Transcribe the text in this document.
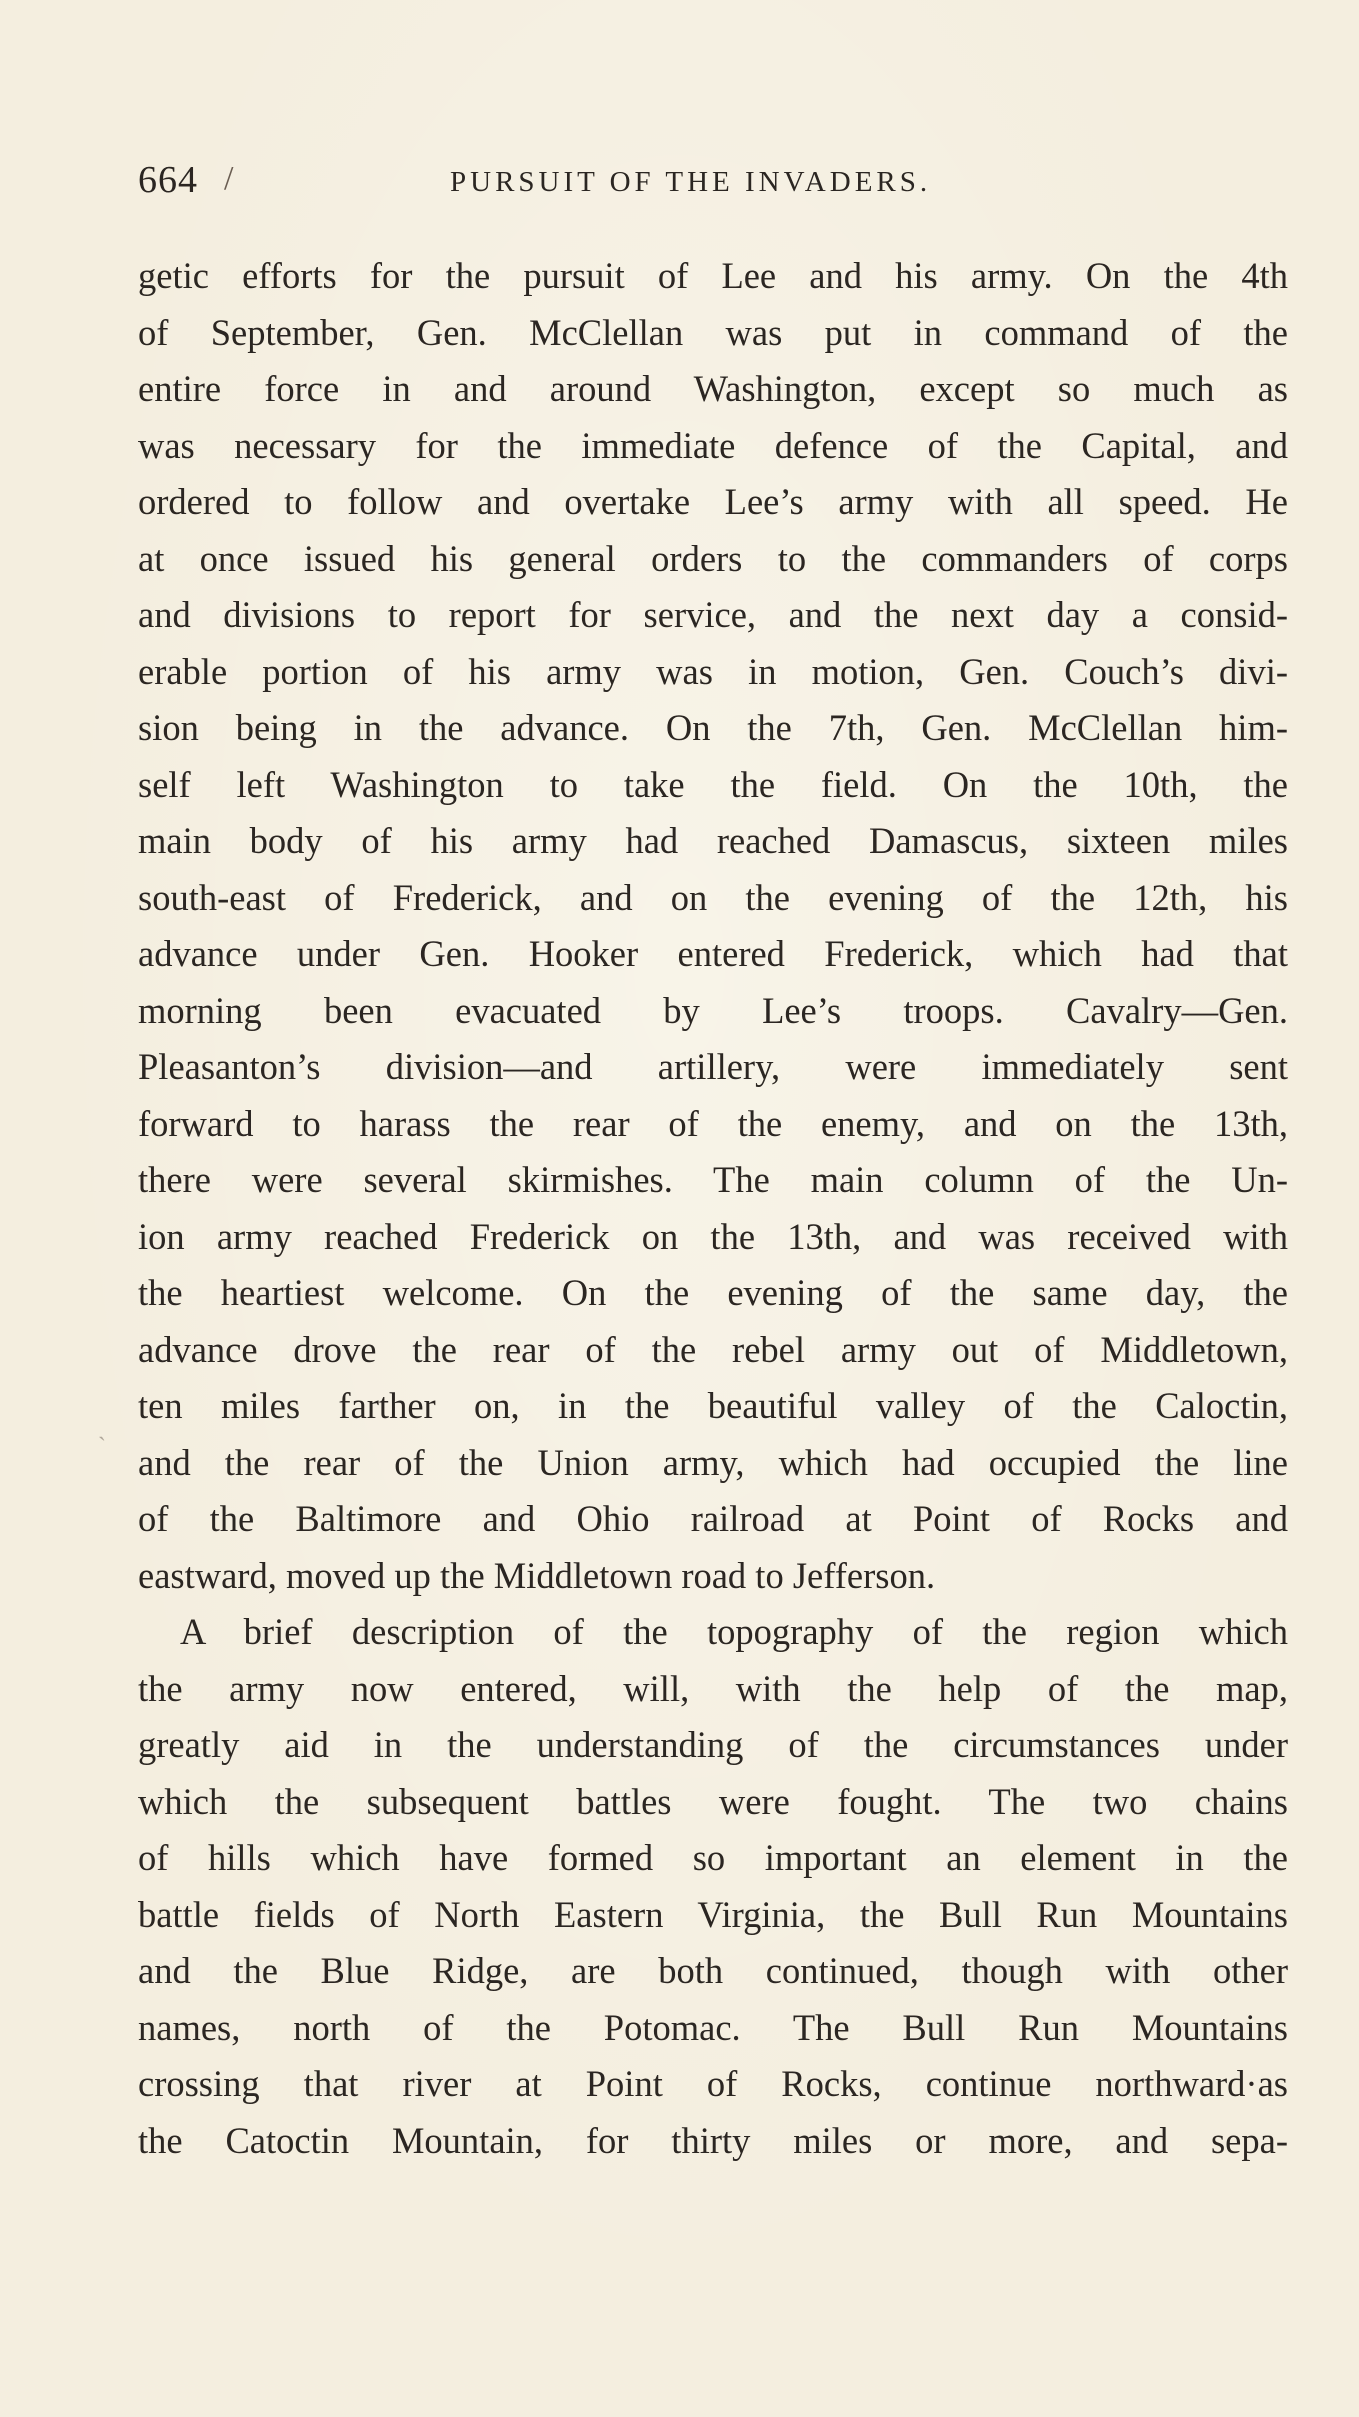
664 /	PURSUIT OF THE INVADERS.
ˏ
getic efforts for the pursuit of Lee and his army. On the 4th
of September, Gen. McClellan was put in command of the
entire force in and around Washington, except so much as
was necessary for the immediate defence of the Capital, and
ordered to follow and overtake Lee’s army with all speed. He
at once issued his general orders to the commanders of corps
and divisions to report for service, and the next day a consid-
erable portion of his army was in motion, Gen. Couch’s divi-
sion being in the advance. On the 7th, Gen. McClellan him-
self left Washington to take the field. On the 10th, the
main body of his army had reached Damascus, sixteen miles
south-east of Frederick, and on the evening of the 12th, his
advance under Gen. Hooker entered Frederick, which had that
morning been evacuated by Lee’s troops. Cavalry—Gen.
Pleasanton’s division—and artillery, were immediately sent
forward to harass the rear of the enemy, and on the 13th,
there were several skirmishes. The main column of the Un-
ion army reached Frederick on the 13th, and was received with
the heartiest welcome. On the evening of the same day, the
advance drove the rear of the rebel army out of Middletown,
ten miles farther on, in the beautiful valley of the Caloctin,
and the rear of the Union army, which had occupied the line
of the Baltimore and Ohio railroad at Point of Rocks and
eastward, moved up the Middletown road to Jefferson.
A brief description of the topography of the region which
the army now entered, will, with the help of the map,
greatly aid in the understanding of the circumstances under
which the subsequent battles were fought. The two chains
of hills which have formed so important an element in the
battle fields of North Eastern Virginia, the Bull Run Mountains
and the Blue Ridge, are both continued, though with other
names, north of the Potomac. The Bull Run Mountains
crossing that river at Point of Rocks, continue northward·as
the Catoctin Mountain, for thirty miles or more, and sepa-
